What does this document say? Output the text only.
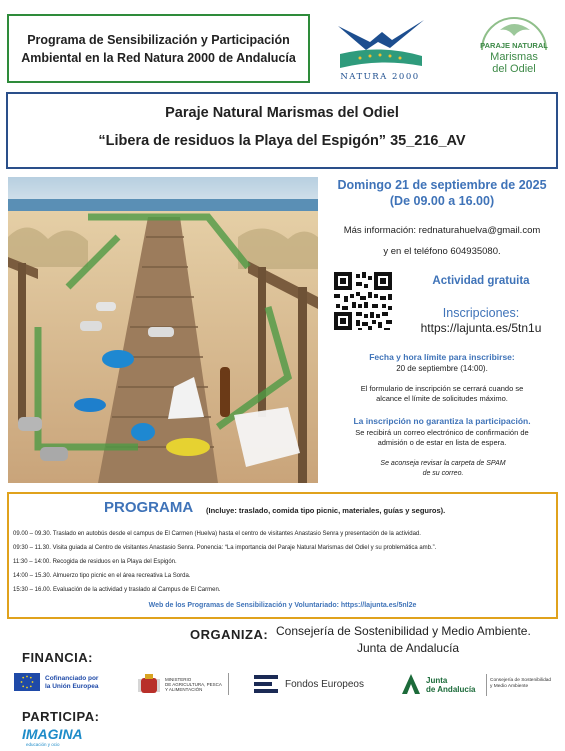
Programa de Sensibilización y Participación
Ambiental en la Red Natura 2000 de Andalucía
NATURA 2000
PARAJE NATURAL
Marismas
del Odiel
Paraje Natural Marismas del Odiel
“Libera de residuos la Playa del Espigón” 35_216_AV
Domingo 21 de septiembre de 2025
(De 09.00 a 16.00)
Más información: rednaturahuelva@gmail.com
y en el teléfono 604935080.
Actividad gratuita
Inscripciones:
https://lajunta.es/5tn1u
Fecha y hora límite para inscribirse:
20 de septiembre (14:00).
El formulario de inscripción se cerrará cuando se
alcance el límite de solicitudes máximo.
La inscripción no garantiza la participación.
Se recibirá un correo electrónico de confirmación de
admisión o de estar en lista de espera.
Se aconseja revisar la carpeta de SPAM
de su correo.
PROGRAMA (Incluye: traslado, comida tipo picnic, materiales, guías y seguros).
09.00 – 09.30. Traslado en autobús desde el campus de El Carmen (Huelva) hasta el centro de visitantes Anastasio Senra y presentación de la actividad.
09:30 – 11.30. Visita guiada al Centro de visitantes Anastasio Senra. Ponencia: “La importancia del Paraje Natural Marismas del Odiel y su problemática amb.”.
11:30 – 14:00. Recogida de residuos en la Playa del Espigón.
14:00 – 15.30. Almuerzo tipo picnic en el área recreativa La Sorda.
15:30 – 16.00. Evaluación de la actividad y traslado al Campus de El Carmen.
Web de los Programas de Sensibilización y Voluntariado: https://lajunta.es/5nl2e
ORGANIZA: Consejería de Sostenibilidad y Medio Ambiente.
Junta de Andalucía
FINANCIA:
Cofinanciado por
la Unión Europea
MINISTERIO
DE AGRICULTURA, PESCA
Y ALIMENTACIÓN	Fondos Europeos	Junta
de Andalucía
Consejería de Sostenibilidad
y Medio Ambiente
PARTICIPA:
IMAGINA
educación y ocio
